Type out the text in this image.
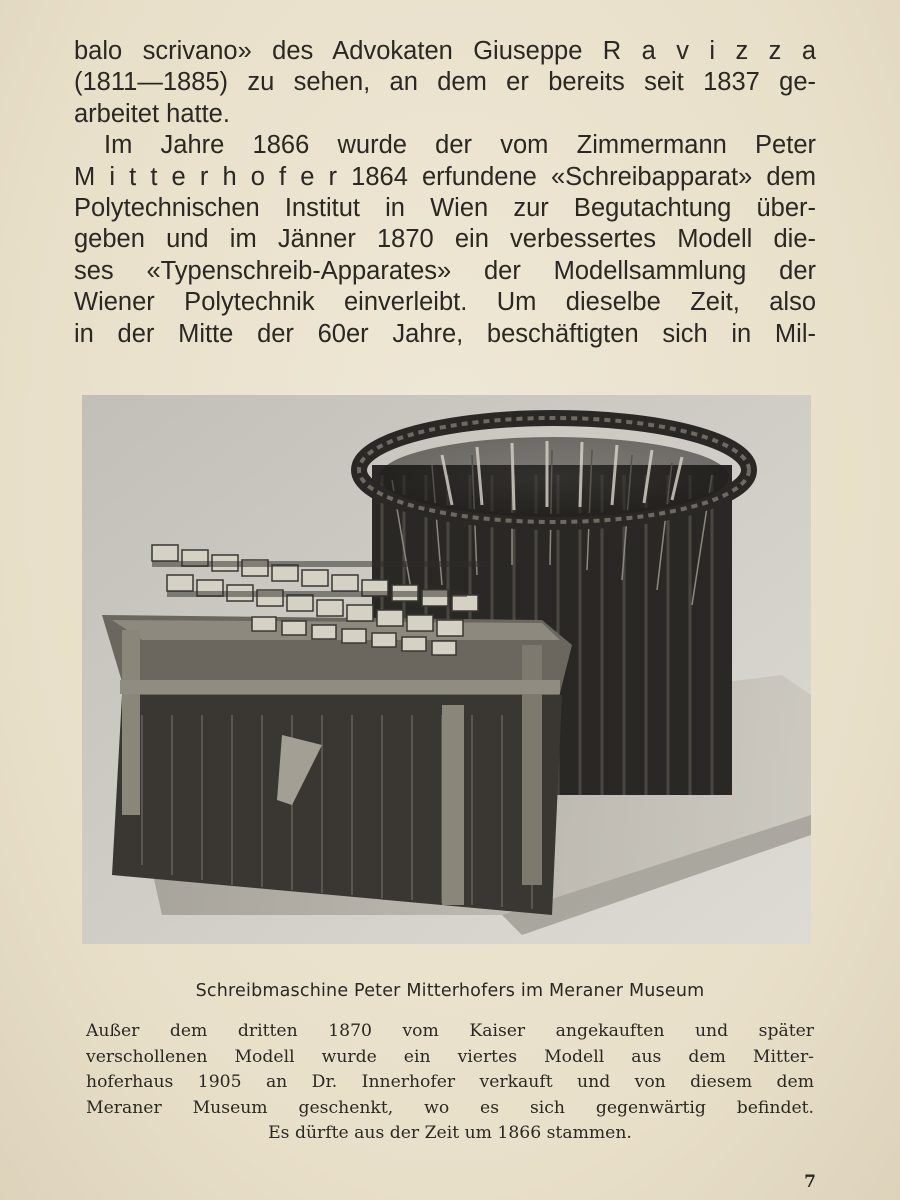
balo scrivano» des Advokaten Giuseppe R a v i z z a
(1811—1885) zu sehen, an dem er bereits seit 1837 ge-
arbeitet hatte.
Im Jahre 1866 wurde der vom Zimmermann Peter
M i t t e r h o f e r 1864 erfundene «Schreibapparat» dem
Polytechnischen Institut in Wien zur Begutachtung über-
geben und im Jänner 1870 ein verbessertes Modell die-
ses «Typenschreib-Apparates» der Modellsammlung der
Wiener Polytechnik einverleibt. Um dieselbe Zeit, also
in der Mitte der 60er Jahre, beschäftigten sich in Mil-
Schreibmaschine Peter Mitterhofers im Meraner Museum
Außer dem dritten 1870 vom Kaiser angekauften und später
verschollenen Modell wurde ein viertes Modell aus dem Mitter-
hoferhaus 1905 an Dr. Innerhofer verkauft und von diesem dem
Meraner Museum geschenkt, wo es sich gegenwärtig befindet.
Es dürfte aus der Zeit um 1866 stammen.
7
